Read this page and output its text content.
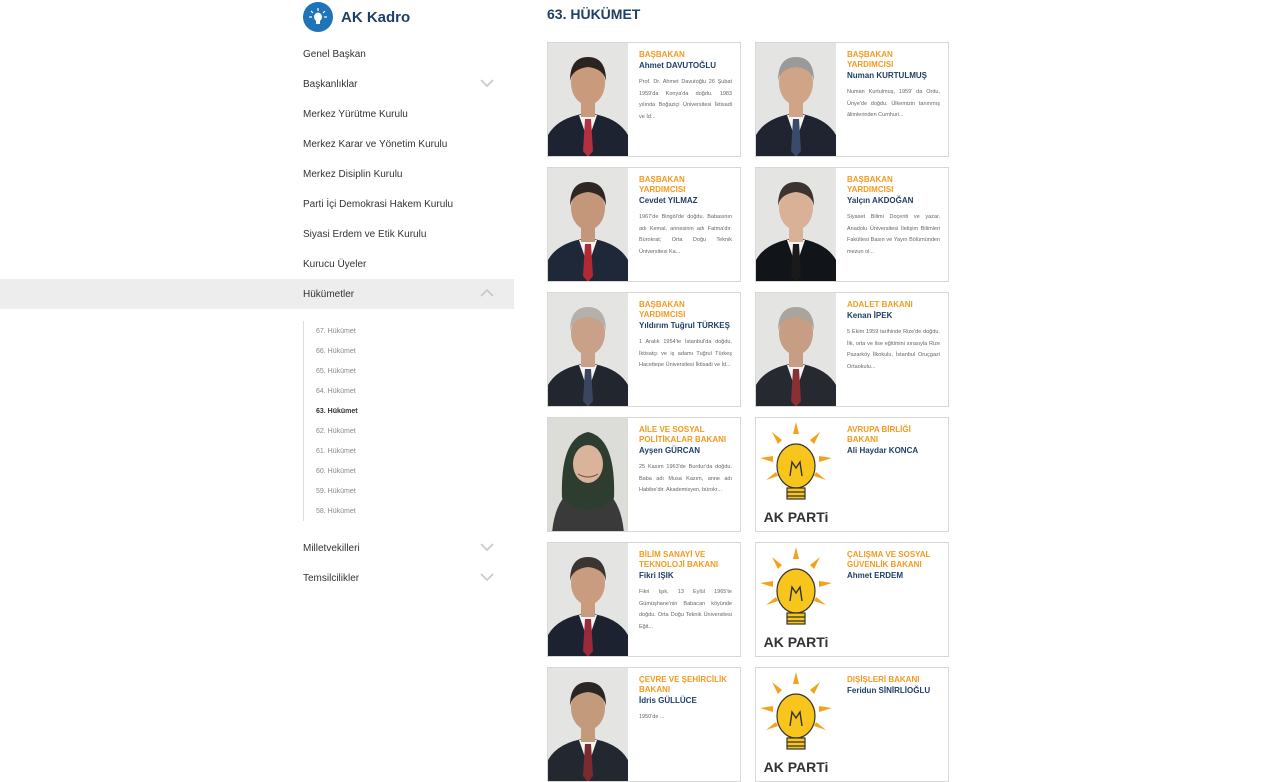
AK Kadro
Genel Başkan
Başkanlıklar
Merkez Yürütme Kurulu
Merkez Karar ve Yönetim Kurulu
Merkez Disiplin Kurulu
Parti İçi Demokrasi Hakem Kurulu
Siyasi Erdem ve Etik Kurulu
Kurucu Üyeler
Hükümetler
67. Hükümet
66. Hükümet
65. Hükümet
64. Hükümet
63. Hükümet
62. Hükümet
61. Hükümet
60. Hükümet
59. Hükümet
58. Hükümet
Milletvekilleri
Temsilcilikler
63. HÜKÜMET
BAŞBAKAN
Ahmet DAVUTOĞLU
Prof. Dr. Ahmet Davutoğlu 26 Şubat 1959'da Konya'da doğdu. 1983 yılında Boğaziçi Üniversitesi İktisadi ve İd...
BAŞBAKAN YARDIMCISI
Numan KURTULMUŞ
Numan Kurtulmuş, 1959' da Ordu, Ünye'de doğdu. Ülkemizin tanınmış âlimlerinden Cumhuri...
BAŞBAKAN YARDIMCISI
Cevdet YILMAZ
1967'de Bingöl'de doğdu. Babasının adı Kemal, annesinin adı Fatma'dır. Bürokrat; Orta Doğu Teknik Üniversitesi Ka...
BAŞBAKAN YARDIMCISI
Yalçın AKDOĞAN
Siyaset Bilimi Doçenti ve yazar. Anadolu Üniversitesi İletişim Bilimleri Fakültesi Basın ve Yayın Bölümünden mezun ol...
BAŞBAKAN YARDIMCISI
Yıldırım Tuğrul TÜRKEŞ
1 Aralık 1954'te İstanbul'da doğdu. İktisatçı ve iş adamı Tuğrul Türkeş Hacettepe Üniversitesi İktisadi ve İd...
ADALET BAKANI
Kenan İPEK
5 Ekim 1959 tarihinde Rize'de doğdu. İlk, orta ve lise eğitimini sırasıyla Rize Pazarköy İlkokulu, İstanbul Oruçgazi Ortaokulu...
AİLE VE SOSYAL POLİTİKALAR BAKANI
Ayşen GÜRCAN
25 Kasım 1963'de Burdur'da doğdu. Baba adı Musa Kazım, anne adı Habibe'dir. Akademisyen, bürokr...
AK PARTi
AVRUPA BİRLİĞİ BAKANI
Ali Haydar KONCA
BİLİM SANAYİ VE TEKNOLOJİ BAKANI
Fikri IŞIK
Fikri Işık, 13 Eylül 1965'te Gümüşhane'nin Babacan köyünde doğdu. Orta Doğu Teknik Üniversitesi Eğit...
AK PARTi
ÇALIŞMA VE SOSYAL GÜVENLİK BAKANI
Ahmet ERDEM
ÇEVRE VE ŞEHİRCİLİK BAKANI
İdris GÜLLÜCE
1950'de ...
AK PARTi
DIŞİŞLERİ BAKANI
Feridun SİNİRLİOĞLU
